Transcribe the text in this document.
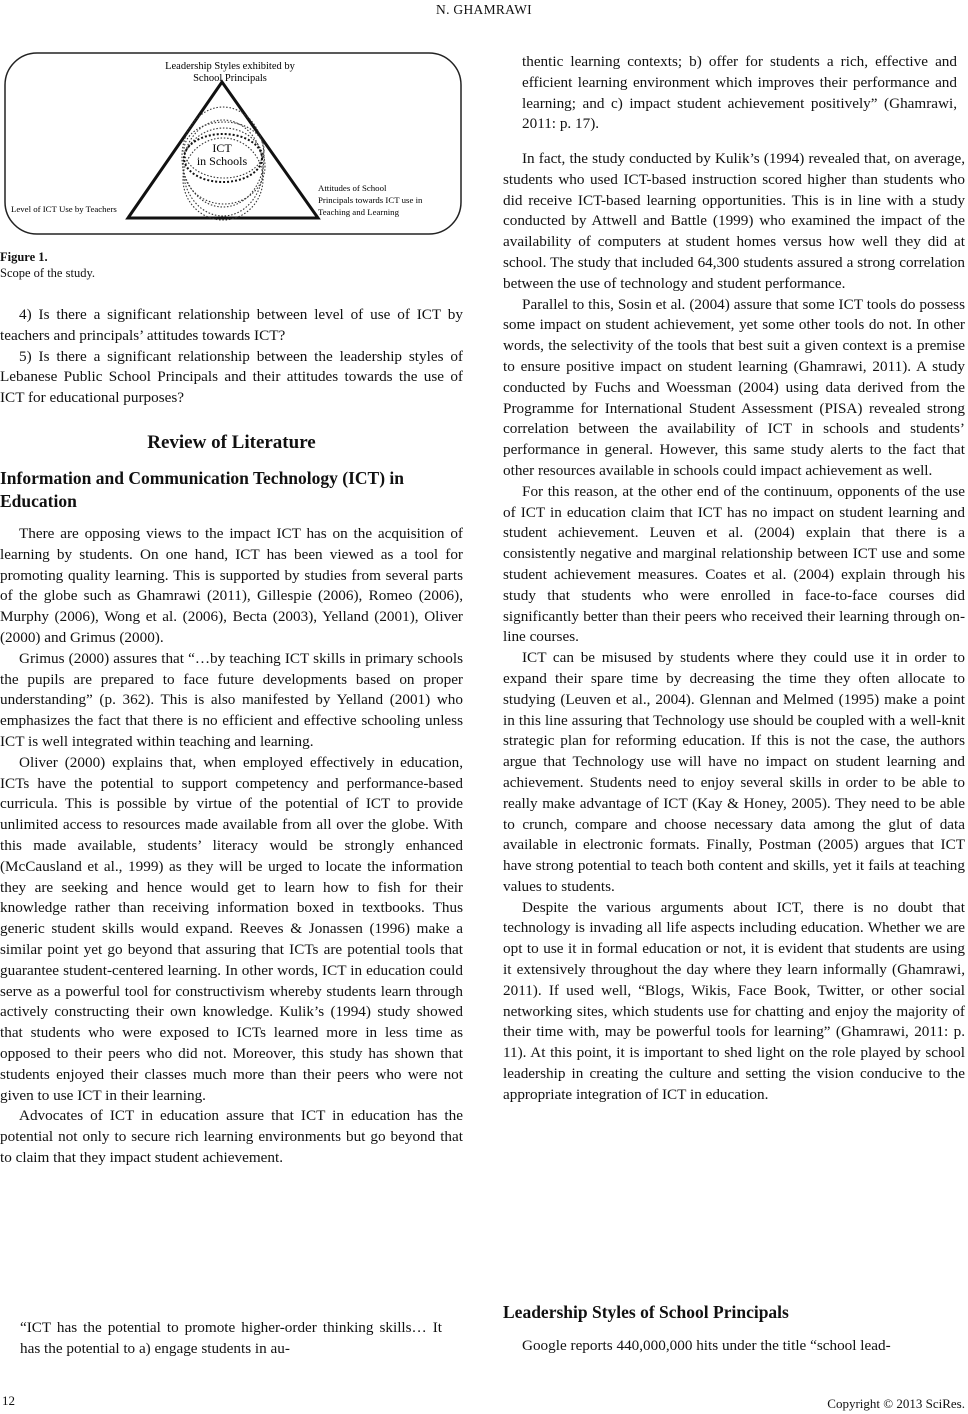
N. GHAMRAWI
Leadership Styles exhibited by
School Principals
ICT
in Schools
Level of ICT Use by Teachers
Attitudes of School
Principals towards ICT use in
Teaching and Learning
Figure 1.
Scope of the study.

4) Is there a significant relationship between level of use of ICT by teachers and principals’ attitudes towards ICT?

5) Is there a significant relationship between the leadership styles of Lebanese Public School Principals and their attitudes towards the use of ICT for educational purposes?

Review of Literature
Information and Communication Technology (ICT) in Education

There are opposing views to the impact ICT has on the acquisition of learning by students. On one hand, ICT has been viewed as a tool for promoting quality learning. This is supported by studies from several parts of the globe such as Ghamrawi (2011), Gillespie (2006), Romeo (2006), Murphy (2006), Wong et al. (2006), Becta (2003), Yelland (2001), Oliver (2000) and Grimus (2000).

Grimus (2000) assures that “…by teaching ICT skills in primary schools the pupils are prepared to face future developments based on proper understanding” (p. 362). This is also manifested by Yelland (2001) who emphasizes the fact that there is no efficient and effective schooling unless ICT is well integrated within teaching and learning.

Oliver (2000) explains that, when employed effectively in education, ICTs have the potential to support competency and performance-based curricula. This is possible by virtue of the potential of ICT to provide unlimited access to resources made available from all over the globe. With this made available, students’ literacy would be strongly enhanced (McCausland et al., 1999) as they will be urged to locate the information they are seeking and hence would get to learn how to fish for their knowledge rather than receiving information boxed in textbooks. Thus generic student skills would expand. Reeves & Jonassen (1996) make a similar point yet go beyond that assuring that ICTs are potential tools that guarantee student-centered learning. In other words, ICT in education could serve as a powerful tool for constructivism whereby students learn through actively constructing their own knowledge. Kulik’s (1994) study showed that students who were exposed to ICTs learned more in less time as opposed to their peers who did not. Moreover, this study has shown that students enjoyed their classes much more than their peers who were not given to use ICT in their learning.

Advocates of ICT in education assure that ICT in education has the potential not only to secure rich learning environments but go beyond that to claim that they impact student achievement.

“ICT has the potential to promote higher-order thinking skills… It has the potential to a) engage students in au-
thentic learning contexts; b) offer for students a rich, effective and efficient learning environment which improves their performance and learning; and c) impact student achievement positively” (Ghamrawi, 2011: p. 17).

In fact, the study conducted by Kulik’s (1994) revealed that, on average, students who used ICT-based instruction scored higher than students who did receive ICT-based learning opportunities. This is in line with a study conducted by Attwell and Battle (1999) who examined the impact of the availability of computers at student homes versus how well they did at school. The study that included 64,300 students assured a strong correlation between the use of technology and student performance.

Parallel to this, Sosin et al. (2004) assure that some ICT tools do possess some impact on student achievement, yet some other tools do not. In other words, the selectivity of the tools that best suit a given context is a premise to ensure positive impact on student learning (Ghamrawi, 2011). A study conducted by Fuchs and Woessman (2004) using data derived from the Programme for International Student Assessment (PISA) revealed strong correlation between the availability of ICT in schools and students’ performance in general. However, this same study alerts to the fact that other resources available in schools could impact achievement as well.

For this reason, at the other end of the continuum, opponents of the use of ICT in education claim that ICT has no impact on student learning and student achievement. Leuven et al. (2004) explain that there is a consistently negative and marginal relationship between ICT use and some student achievement measures. Coates et al. (2004) explain through his study that students who were enrolled in face-to-face courses did significantly better than their peers who received their learning through on-line courses.

ICT can be misused by students where they could use it in order to expand their spare time by decreasing the time they often allocate to studying (Leuven et al., 2004). Glennan and Melmed (1995) make a point in this line assuring that Technology use should be coupled with a well-knit strategic plan for reforming education. If this is not the case, the authors argue that Technology use will have no impact on student learning and achievement. Students need to enjoy several skills in order to be able to really make advantage of ICT (Kay & Honey, 2005). They need to be able to crunch, compare and choose necessary data among the glut of data available in electronic formats. Finally, Postman (2005) argues that ICT have strong potential to teach both content and skills, yet it fails at teaching values to students.

Despite the various arguments about ICT, there is no doubt that technology is invading all life aspects including education. Whether we are opt to use it in formal education or not, it is evident that students are using it extensively throughout the day where they learn informally (Ghamrawi, 2011). If used well, “Blogs, Wikis, Face Book, Twitter, or other social networking sites, which students use for chatting and enjoy the majority of their time with, may be powerful tools for learning” (Ghamrawi, 2011: p. 11). At this point, it is important to shed light on the role played by school leadership in creating the culture and setting the vision conducive to the appropriate integration of ICT in education.

Leadership Styles of School Principals

Google reports 440,000,000 hits under the title “school lead-

12	Copyright © 2013 SciRes.
